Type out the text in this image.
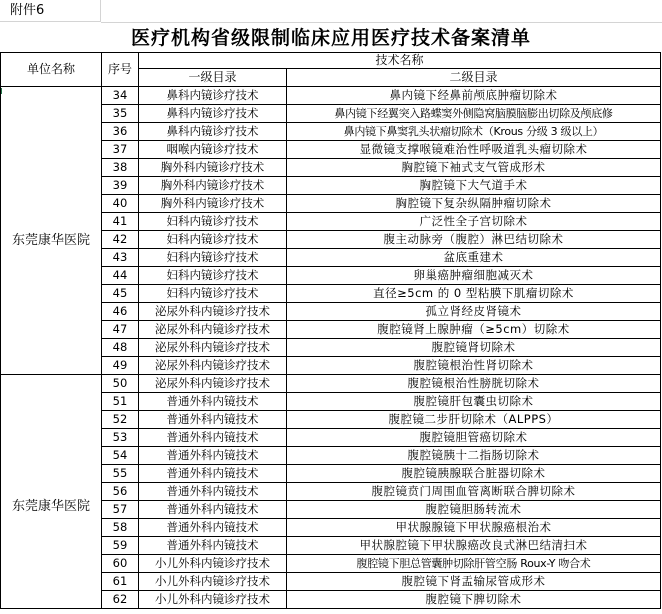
附件6
医疗机构省级限制临床应用医疗技术备案清单
单位名称	序号	技术名称	
		一级目录	二级目录
东莞康华医院	34	鼻科内镜诊疗技术	鼻内镜下经鼻前颅底肿瘤切除术
	35	鼻科内镜诊疗技术	鼻内镜下经翼突入路蝶窦外侧隐窝脑膜脑膨出切除及颅底修
	36	鼻科内镜诊疗技术	鼻内镜下鼻窦乳头状瘤切除术（Krous 分级 3 级以上）
	37	咽喉内镜诊疗技术	显微镜支撑喉镜难治性呼吸道乳头瘤切除术
	38	胸外科内镜诊疗技术	胸腔镜下袖式支气管成形术
	39	胸外科内镜诊疗技术	胸腔镜下大气道手术
	40	胸外科内镜诊疗技术	胸腔镜下复杂纵隔肿瘤切除术
	41	妇科内镜诊疗技术	广泛性全子宫切除术
	42	妇科内镜诊疗技术	腹主动脉旁（腹腔）淋巴结切除术
	43	妇科内镜诊疗技术	盆底重建术
	44	妇科内镜诊疗技术	卵巢癌肿瘤细胞减灭术
	45	妇科内镜诊疗技术	直径≥5cm 的 0 型粘膜下肌瘤切除术
	46	泌尿外科内镜诊疗技术	孤立肾经皮肾镜术
	47	泌尿外科内镜诊疗技术	腹腔镜肾上腺肿瘤（≥5cm）切除术
	48	泌尿外科内镜诊疗技术	腹腔镜肾切除术
	49	泌尿外科内镜诊疗技术	腹腔镜根治性肾切除术
东莞康华医院	50	泌尿外科内镜诊疗技术	腹腔镜根治性膀胱切除术
	51	普通外科内镜技术	腹腔镜肝包囊虫切除术
	52	普通外科内镜技术	腹腔镜二步肝切除术（ALPPS）
	53	普通外科内镜技术	腹腔镜胆管癌切除术
	54	普通外科内镜技术	腹腔镜胰十二指肠切除术
	55	普通外科内镜技术	腹腔镜胰腺联合脏器切除术
	56	普通外科内镜技术	腹腔镜贲门周围血管离断联合脾切除术
	57	普通外科内镜技术	腹腔镜胆肠转流术
	58	普通外科内镜技术	甲状腺腺镜下甲状腺癌根治术
	59	普通外科内镜技术	甲状腺腔镜下甲状腺癌改良式淋巴结清扫术
	60	小儿外科内镜诊疗技术	腹腔镜下胆总管囊肿切除肝管空肠 Roux-Y 吻合术
	61	小儿外科内镜诊疗技术	腹腔镜下肾盂输尿管成形术
	62	小儿外科内镜诊疗技术	腹腔镜下脾切除术
